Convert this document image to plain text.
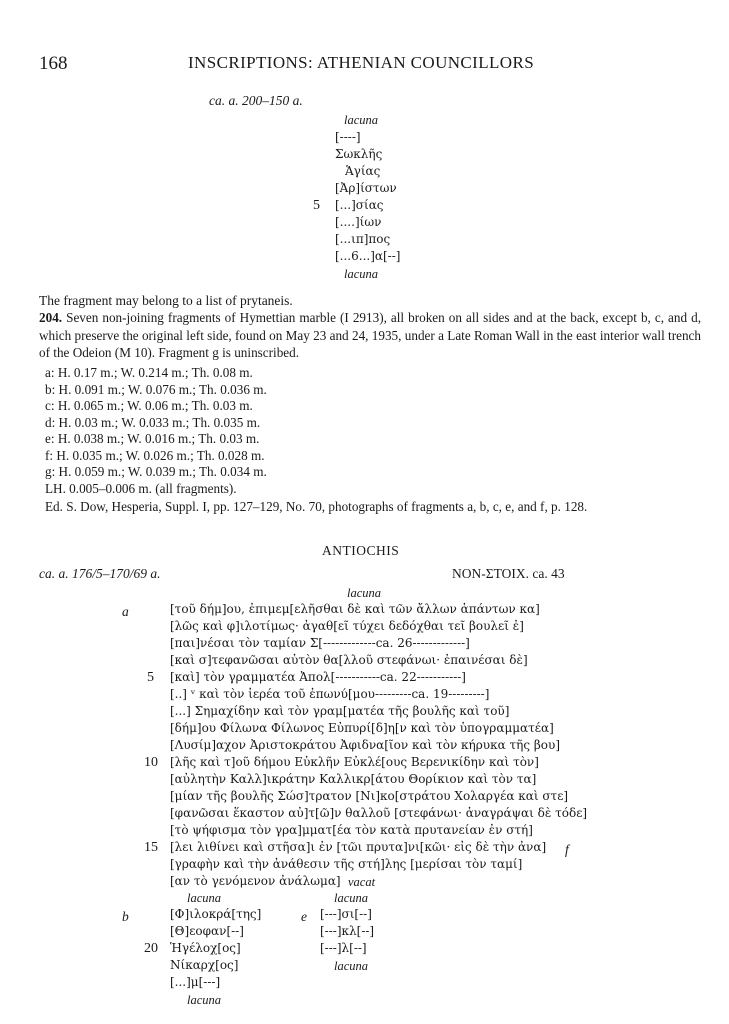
168	INSCRIPTIONS: ATHENIAN COUNCILLORS
ca. a. 200–150 a.
lacuna
[----]
Σωκλῆς
Ἁγίας
[Ἀρ]ίστων
5 [...]σίας
[....]ίων
[...ιπ]πος
[...6...]α[--]
lacuna
The fragment may belong to a list of prytaneis.
204. Seven non-joining fragments of Hymettian marble (I 2913), all broken on all sides and at the back, except b, c, and d, which preserve the original left side, found on May 23 and 24, 1935, under a Late Roman Wall in the east interior wall trench of the Odeion (M 10). Fragment g is uninscribed.
a: H. 0.17 m.; W. 0.214 m.; Th. 0.08 m.
b: H. 0.091 m.; W. 0.076 m.; Th. 0.036 m.
c: H. 0.065 m.; W. 0.06 m.; Th. 0.03 m.
d: H. 0.03 m.; W. 0.033 m.; Th. 0.035 m.
e: H. 0.038 m.; W. 0.016 m.; Th. 0.03 m.
f: H. 0.035 m.; W. 0.026 m.; Th. 0.028 m.
g: H. 0.059 m.; W. 0.039 m.; Th. 0.034 m.
LH. 0.005–0.006 m. (all fragments).
Ed. S. Dow, Hesperia, Suppl. I, pp. 127–129, No. 70, photographs of fragments a, b, c, e, and f, p. 128.
ANTIOCHIS
ca. a. 176/5–170/69 a.	NON-ΣΤΟΙΧ. ca. 43
lacuna
a	[τοῦ δήμ]ου, ἐπιμεμ[ελῆσθαι δὲ καὶ τῶν ἄλλων ἁπάντων κα]
[λῶς καὶ φ]ιλοτίμως· ἀγαθ[εῖ τύχει δεδόχθαι τεῖ βουλεῖ ἐ]
[παι]νέσαι τὸν ταμίαν Σ[-------------ca. 26-------------]
[καὶ σ]τεφανῶσαι αὐτὸν θα[λλοῦ στεφάνωι· ἐπαινέσαι δὲ]
5 [καὶ] τὸν γραμματέα Ἀπολ[-----------ca. 22-----------]
[..] ᵛ καὶ τὸν ἱερέα τοῦ ἐπωνύ[μου---------ca. 19---------]
[...] Σημαχίδην καὶ τὸν γραμ[ματέα τῆς βουλῆς καὶ τοῦ]
[δήμ]ου Φίλωνα Φίλωνος Εὐπυρί[δ]η[ν καὶ τὸν ὑπογραμματέα]
[Λυσίμ]αχον Ἀριστοκράτου Ἀφιδνα[ῖον καὶ τὸν κήρυκα τῆς βου]
10 [λῆς καὶ τ]οῦ δήμου Εὐκλῆν Εὐκλέ[ους Βερενικίδην καὶ τὸν]
[αὐλητὴν Καλλ]ικράτην Καλλικρ[άτου Θορίκιον καὶ τὸν τα]
[μίαν τῆς βουλῆς Σώσ]τρατον [Νι]κο[στράτου Χολαργέα καὶ στε]
[φανῶσαι ἕκαστον αὐ]τ[ῶ]ν θαλλοῦ [στεφάνωι· ἀναγράψαι δὲ τόδε]
[τὸ ψήφισμα τὸν γρα]μματ[έα τὸν κατὰ πρυτανείαν ἐν στή]
15 [λει λιθίνει καὶ στῆσα]ι ἐν [τῶι πρυτα]νι[κῶι· εἰς δὲ τὴν ἀνα] f
[γραφὴν καὶ τὴν ἀνάθεσιν τῆς στή]λης [μερίσαι τὸν ταμί]
[αν τὸ γενόμενον ἀνάλωμα] vacat
lacuna	lacuna
b	[Φ]ιλοκρά[της]
[Θ]εοφαν[--]
20 Ἡγέλοχ[ος]
Νίκαρχ[ος]
[...]μ[---]
lacuna
e [---]σι[--]
[---]κλ[--]
[---]λ[--]
lacuna
